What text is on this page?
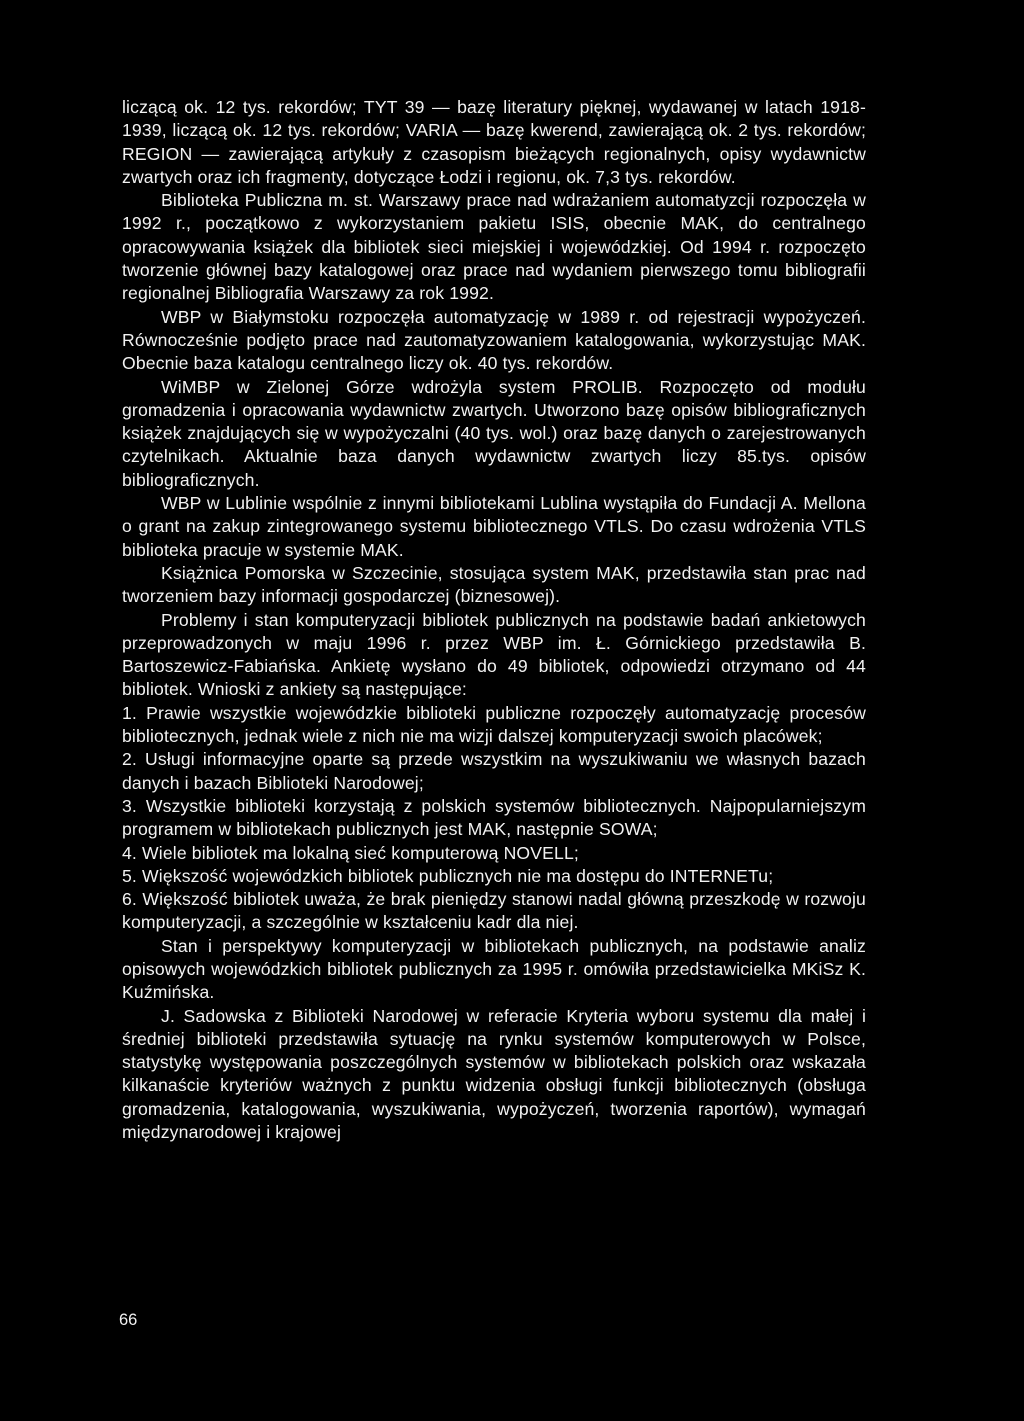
liczącą ok. 12 tys. rekordów; TYT 39 — bazę literatury pięknej, wydawanej w latach 1918-1939, liczącą ok. 12 tys. rekordów; VARIA — bazę kwerend, zawierającą ok. 2 tys. rekordów; REGION — zawierającą artykuły z czasopism bieżących regionalnych, opisy wydawnictw zwartych oraz ich fragmenty, dotyczące Łodzi i regionu, ok. 7,3 tys. rekordów.

Biblioteka Publiczna m. st. Warszawy prace nad wdrażaniem automatyzcji rozpoczęła w 1992 r., początkowo z wykorzystaniem pakietu ISIS, obecnie MAK, do centralnego opracowywania książek dla bibliotek sieci miejskiej i wojewódzkiej. Od 1994 r. rozpoczęto tworzenie głównej bazy katalogowej oraz prace nad wydaniem pierwszego tomu bibliografii regionalnej Bibliografia Warszawy za rok 1992.

WBP w Białymstoku rozpoczęła automatyzację w 1989 r. od rejestracji wypożyczeń. Równocześnie podjęto prace nad zautomatyzowaniem katalogowania, wykorzystując MAK. Obecnie baza katalogu centralnego liczy ok. 40 tys. rekordów.

WiMBP w Zielonej Górze wdrożyla system PROLIB. Rozpoczęto od modułu gromadzenia i opracowania wydawnictw zwartych. Utworzono bazę opisów bibliograficznych książek znajdujących się w wypożyczalni (40 tys. wol.) oraz bazę danych o zarejestrowanych czytelnikach. Aktualnie baza danych wydawnictw zwartych liczy 85.tys. opisów bibliograficznych.

WBP w Lublinie wspólnie z innymi bibliotekami Lublina wystąpiła do Fundacji A. Mellona o grant na zakup zintegrowanego systemu bibliotecznego VTLS. Do czasu wdrożenia VTLS biblioteka pracuje w systemie MAK.

Książnica Pomorska w Szczecinie, stosująca system MAK, przedstawiła stan prac nad tworzeniem bazy informacji gospodarczej (biznesowej).

Problemy i stan komputeryzacji bibliotek publicznych na podstawie badań ankietowych przeprowadzonych w maju 1996 r. przez WBP im. Ł. Górnickiego przedstawiła B. Bartoszewicz-Fabiańska. Ankietę wysłano do 49 bibliotek, odpowiedzi otrzymano od 44 bibliotek. Wnioski z ankiety są następujące:

1. Prawie wszystkie wojewódzkie biblioteki publiczne rozpoczęły automatyzację procesów bibliotecznych, jednak wiele z nich nie ma wizji dalszej komputeryzacji swoich placówek;

2. Usługi informacyjne oparte są przede wszystkim na wyszukiwaniu we własnych bazach danych i bazach Biblioteki Narodowej;

3. Wszystkie biblioteki korzystają z polskich systemów bibliotecznych. Najpopularniejszym programem w bibliotekach publicznych jest MAK, następnie SOWA;

4. Wiele bibliotek ma lokalną sieć komputerową NOVELL;

5. Większość wojewódzkich bibliotek publicznych nie ma dostępu do INTERNETu;

6. Większość bibliotek uważa, że brak pieniędzy stanowi nadal główną przeszkodę w rozwoju komputeryzacji, a szczególnie w kształceniu kadr dla niej.

Stan i perspektywy komputeryzacji w bibliotekach publicznych, na podstawie analiz opisowych wojewódzkich bibliotek publicznych za 1995 r. omówiła przedstawicielka MKiSz K. Kuźmińska.

J. Sadowska z Biblioteki Narodowej w referacie Kryteria wyboru systemu dla małej i średniej biblioteki przedstawiła sytuację na rynku systemów komputerowych w Polsce, statystykę występowania poszczególnych systemów w bibliotekach polskich oraz wskazała kilkanaście kryteriów ważnych z punktu widzenia obsługi funkcji bibliotecznych (obsługa gromadzenia, katalogowania, wyszukiwania, wypożyczeń, tworzenia raportów), wymagań międzynarodowej i krajowej

66
